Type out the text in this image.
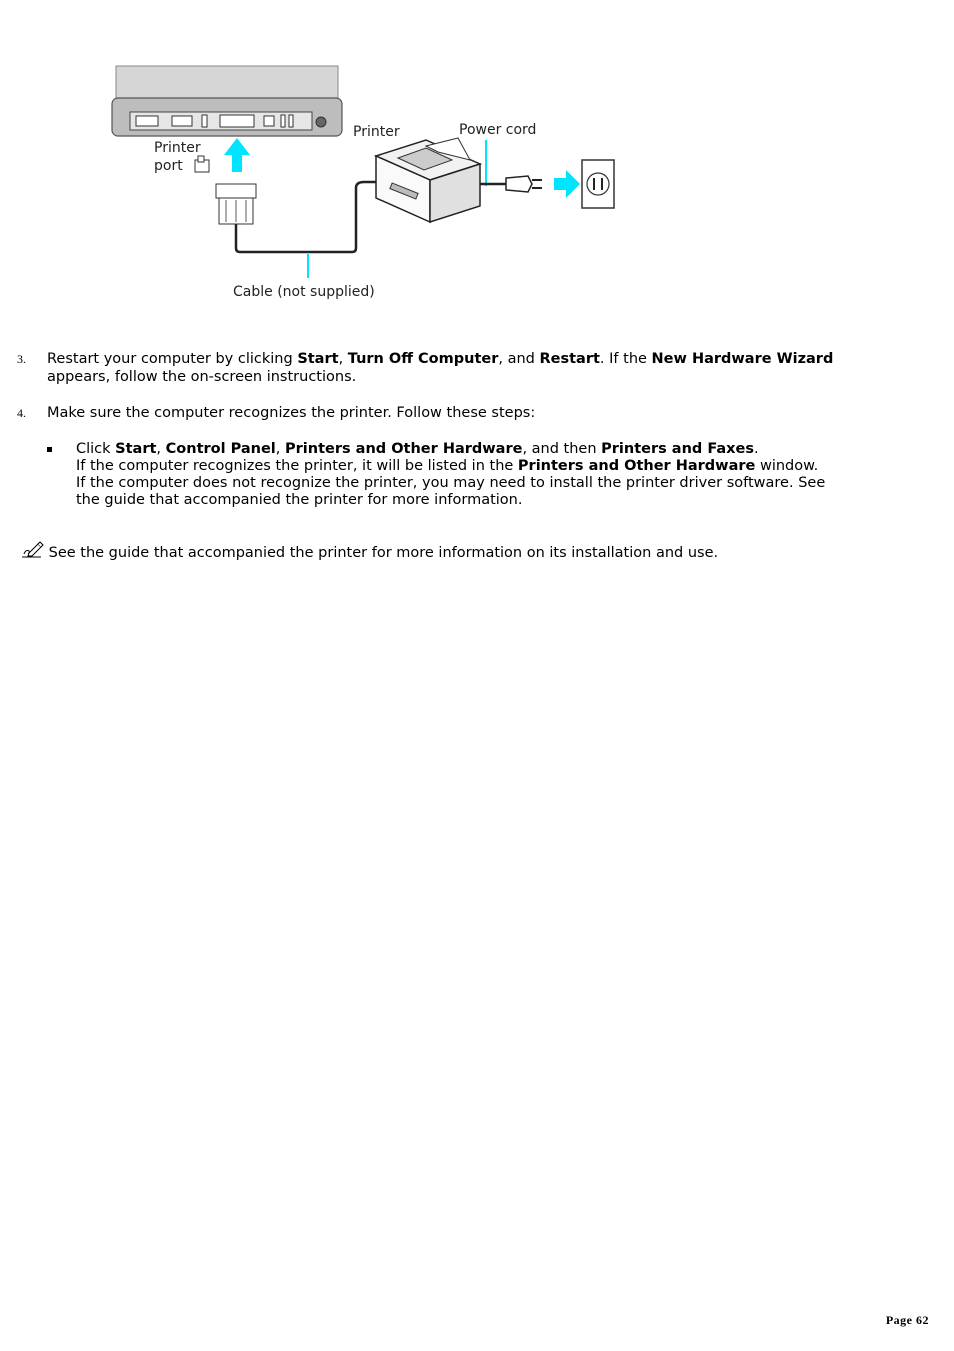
Printer
port
Cable (not supplied)
Printer	Power cord
3. Restart your computer by clicking Start, Turn Off Computer, and Restart. If the New Hardware Wizard
appears, follow the on-screen instructions.
4. Make sure the computer recognizes the printer. Follow these steps:
Click Start, Control Panel, Printers and Other Hardware, and then Printers and Faxes.
If the computer recognizes the printer, it will be listed in the Printers and Other Hardware window.
If the computer does not recognize the printer, you may need to install the printer driver software. See
the guide that accompanied the printer for more information.
See the guide that accompanied the printer for more information on its installation and use.
Page 62
